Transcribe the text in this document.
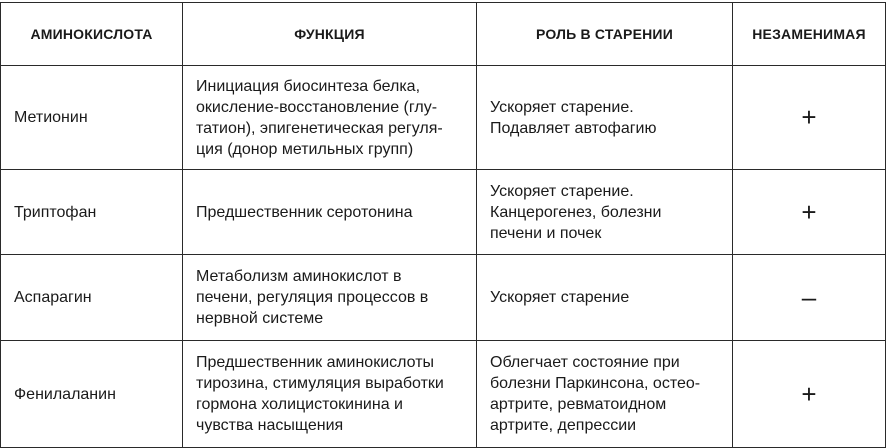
АМИНОКИСЛОТА	ФУНКЦИЯ	РОЛЬ В СТАРЕНИИ	НЕЗАМЕНИМАЯ
Метионин	Инициация биосинтеза белка,
окисление-восстановление (глу-
татион), эпигенетическая регуля-
ция (донор метильных групп)	Ускоряет старение.
Подавляет автофагию	+
Триптофан	Предшественник серотонина	Ускоряет старение.
Канцерогенез, болезни
печени и почек	+
Аспарагин	Метаболизм аминокислот в
печени, регуляция процессов в
нервной системе	Ускоряет старение	–
Фенилаланин	Предшественник аминокислоты
тирозина, стимуляция выработки
гормона холицистокинина и
чувства насыщения	Облегчает состояние при
болезни Паркинсона, остео-
артрите, ревматоидном
артрите, депрессии	+
